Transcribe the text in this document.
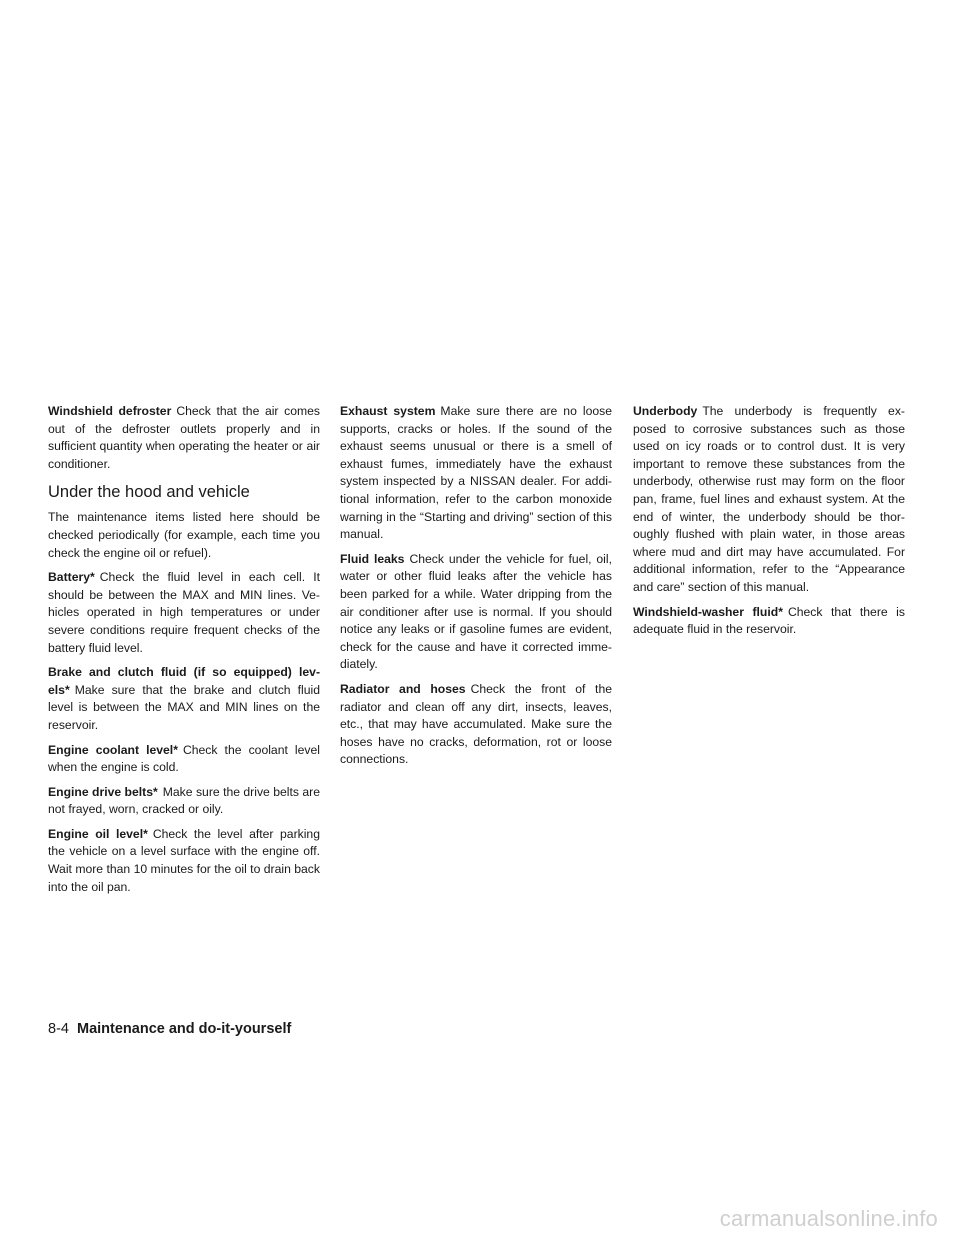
Windshield defroster Check that the air comes out of the defroster outlets properly and in sufficient quantity when operating the heater or air conditioner.

Under the hood and vehicle

The maintenance items listed here should be checked periodically (for example, each time you check the engine oil or refuel).

Battery* Check the fluid level in each cell. It should be between the MAX and MIN lines. Ve-hicles operated in high temperatures or under severe conditions require frequent checks of the battery fluid level.

Brake and clutch fluid (if so equipped) lev-els* Make sure that the brake and clutch fluid level is between the MAX and MIN lines on the reservoir.

Engine coolant level* Check the coolant level when the engine is cold.

Engine drive belts* Make sure the drive belts are not frayed, worn, cracked or oily.

Engine oil level* Check the level after parking the vehicle on a level surface with the engine off. Wait more than 10 minutes for the oil to drain back into the oil pan.

Exhaust system Make sure there are no loose supports, cracks or holes. If the sound of the exhaust seems unusual or there is a smell of exhaust fumes, immediately have the exhaust system inspected by a NISSAN dealer. For addi-tional information, refer to the carbon monoxide warning in the “Starting and driving” section of this manual.

Fluid leaks Check under the vehicle for fuel, oil, water or other fluid leaks after the vehicle has been parked for a while. Water dripping from the air conditioner after use is normal. If you should notice any leaks or if gasoline fumes are evident, check for the cause and have it corrected imme-diately.

Radiator and hoses Check the front of the radiator and clean off any dirt, insects, leaves, etc., that may have accumulated. Make sure the hoses have no cracks, deformation, rot or loose connections.

Underbody The underbody is frequently ex-posed to corrosive substances such as those used on icy roads or to control dust. It is very important to remove these substances from the underbody, otherwise rust may form on the floor pan, frame, fuel lines and exhaust system. At the end of winter, the underbody should be thor-oughly flushed with plain water, in those areas where mud and dirt may have accumulated. For additional information, refer to the “Appearance and care” section of this manual.

Windshield-washer fluid* Check that there is adequate fluid in the reservoir.

8-4 Maintenance and do-it-yourself
carmanualsonline.info
